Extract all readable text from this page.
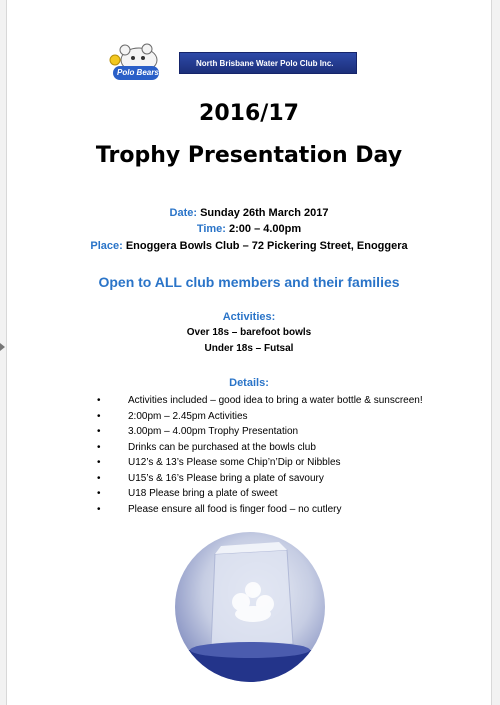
Polo Bears
North Brisbane Water Polo Club Inc.
2016/17
Trophy Presentation Day
Date: Sunday 26th March 2017
Time: 2:00 – 4.00pm
Place: Enoggera Bowls Club – 72 Pickering Street, Enoggera
Open to ALL club members and their families
Activities:
Over 18s – barefoot bowls
Under 18s – Futsal
Details:
•	Activities included – good idea to bring a water bottle & sunscreen!
•	2:00pm – 2.45pm Activities
•	3.00pm – 4.00pm Trophy Presentation
•	Drinks can be purchased at the bowls club
•	U12’s & 13’s Please some Chip’n’Dip or Nibbles
•	U15’s & 16’s Please bring a plate of savoury
•	U18 Please bring a plate of sweet
•	Please ensure all food is finger food – no cutlery
